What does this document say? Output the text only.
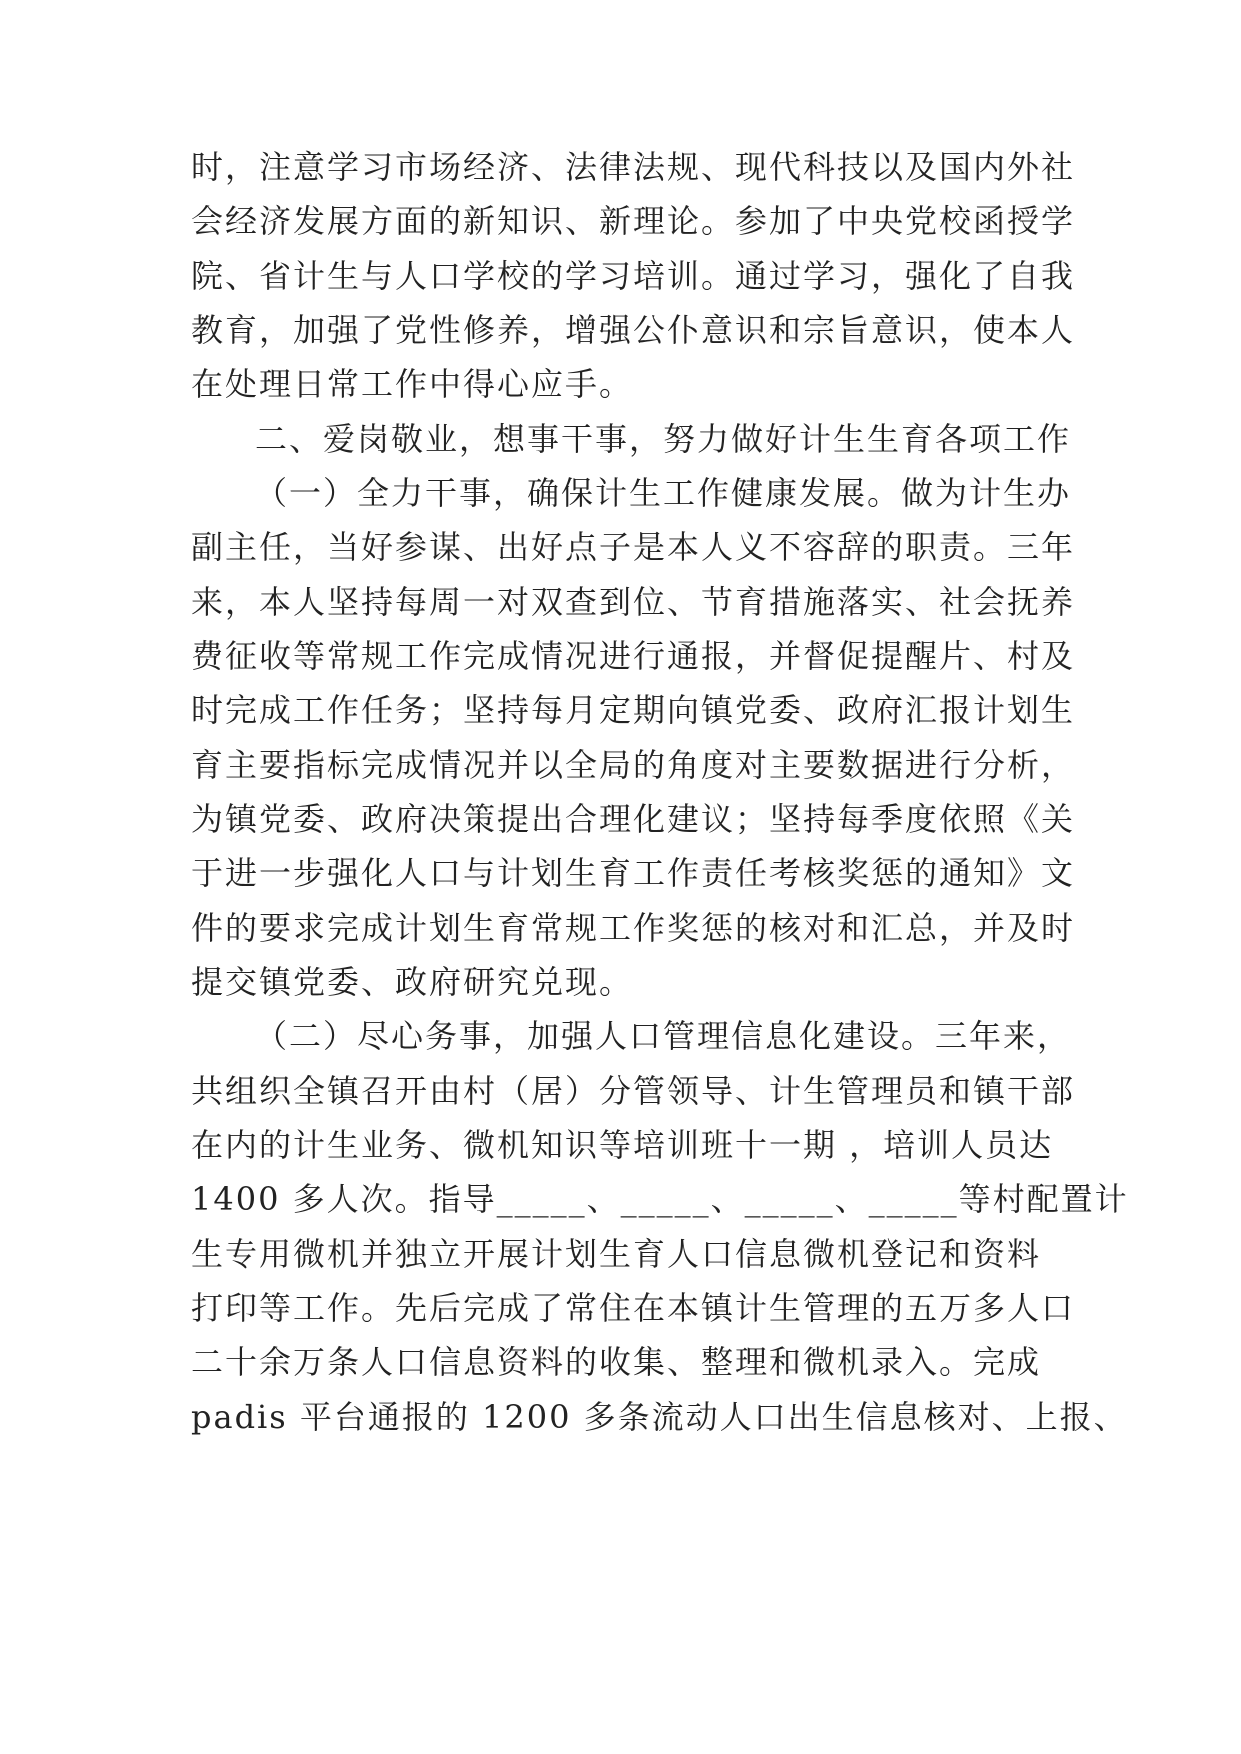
时，注意学习市场经济、法律法规、现代科技以及国内外社
会经济发展方面的新知识、新理论。参加了中央党校函授学
院、省计生与人口学校的学习培训。通过学习，强化了自我
教育，加强了党性修养，增强公仆意识和宗旨意识，使本人
在处理日常工作中得心应手。
二、爱岗敬业，想事干事，努力做好计生生育各项工作
（一）全力干事，确保计生工作健康发展。做为计生办
副主任，当好参谋、出好点子是本人义不容辞的职责。三年
来，本人坚持每周一对双查到位、节育措施落实、社会抚养
费征收等常规工作完成情况进行通报，并督促提醒片、村及
时完成工作任务；坚持每月定期向镇党委、政府汇报计划生
育主要指标完成情况并以全局的角度对主要数据进行分析，
为镇党委、政府决策提出合理化建议；坚持每季度依照《关
于进一步强化人口与计划生育工作责任考核奖惩的通知》文
件的要求完成计划生育常规工作奖惩的核对和汇总，并及时
提交镇党委、政府研究兑现。
（二）尽心务事，加强人口管理信息化建设。三年来，
共组织全镇召开由村（居）分管领导、计生管理员和镇干部
在内的计生业务、微机知识等培训班十一期 ，培训人员达
1400 多人次。指导_____、_____、_____、_____等村配置计
生专用微机并独立开展计划生育人口信息微机登记和资料
打印等工作。先后完成了常住在本镇计生管理的五万多人口
二十余万条人口信息资料的收集、整理和微机录入。完成
padis 平台通报的 1200 多条流动人口出生信息核对、上报、
